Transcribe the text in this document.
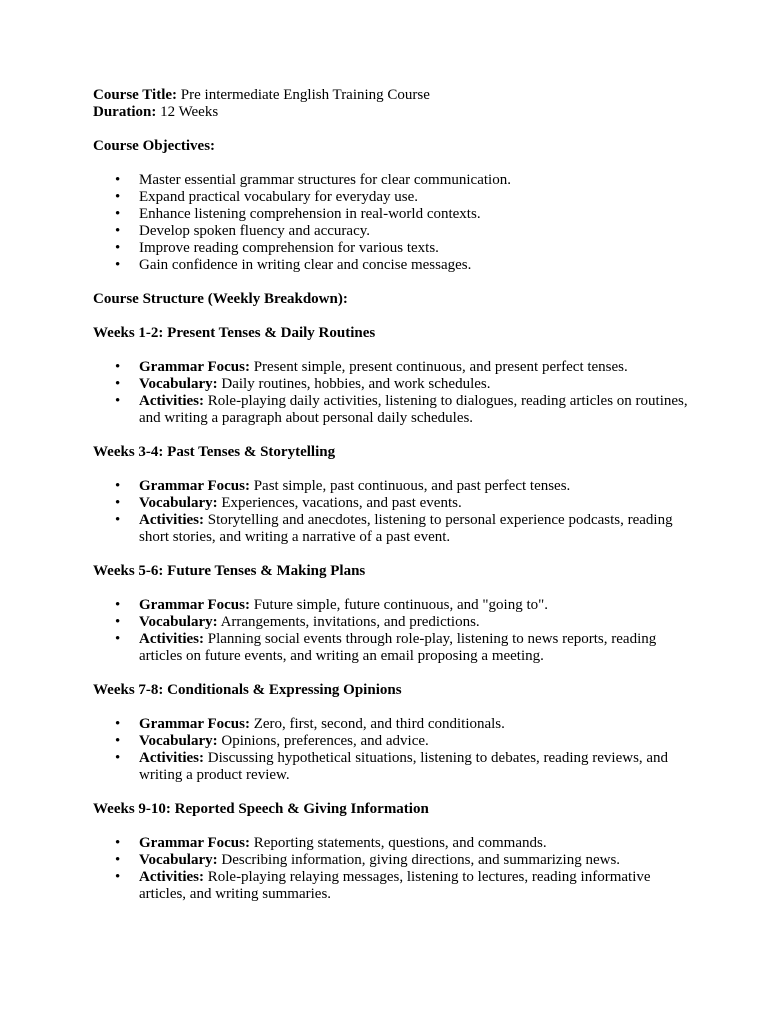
Course Title: Pre intermediate English Training Course

Duration: 12 Weeks

Course Objectives:

• Master essential grammar structures for clear communication.
• Expand practical vocabulary for everyday use.
• Enhance listening comprehension in real-world contexts.
• Develop spoken fluency and accuracy.
• Improve reading comprehension for various texts.
• Gain confidence in writing clear and concise messages.

Course Structure (Weekly Breakdown):

Weeks 1-2: Present Tenses & Daily Routines

• Grammar Focus: Present simple, present continuous, and present perfect tenses.
• Vocabulary: Daily routines, hobbies, and work schedules.
• Activities: Role-playing daily activities, listening to dialogues, reading articles on routines, and writing a paragraph about personal daily schedules.

Weeks 3-4: Past Tenses & Storytelling

• Grammar Focus: Past simple, past continuous, and past perfect tenses.
• Vocabulary: Experiences, vacations, and past events.
• Activities: Storytelling and anecdotes, listening to personal experience podcasts, reading short stories, and writing a narrative of a past event.

Weeks 5-6: Future Tenses & Making Plans

• Grammar Focus: Future simple, future continuous, and "going to".
• Vocabulary: Arrangements, invitations, and predictions.
• Activities: Planning social events through role-play, listening to news reports, reading articles on future events, and writing an email proposing a meeting.

Weeks 7-8: Conditionals & Expressing Opinions

• Grammar Focus: Zero, first, second, and third conditionals.
• Vocabulary: Opinions, preferences, and advice.
• Activities: Discussing hypothetical situations, listening to debates, reading reviews, and writing a product review.

Weeks 9-10: Reported Speech & Giving Information

• Grammar Focus: Reporting statements, questions, and commands.
• Vocabulary: Describing information, giving directions, and summarizing news.
• Activities: Role-playing relaying messages, listening to lectures, reading informative articles, and writing summaries.
